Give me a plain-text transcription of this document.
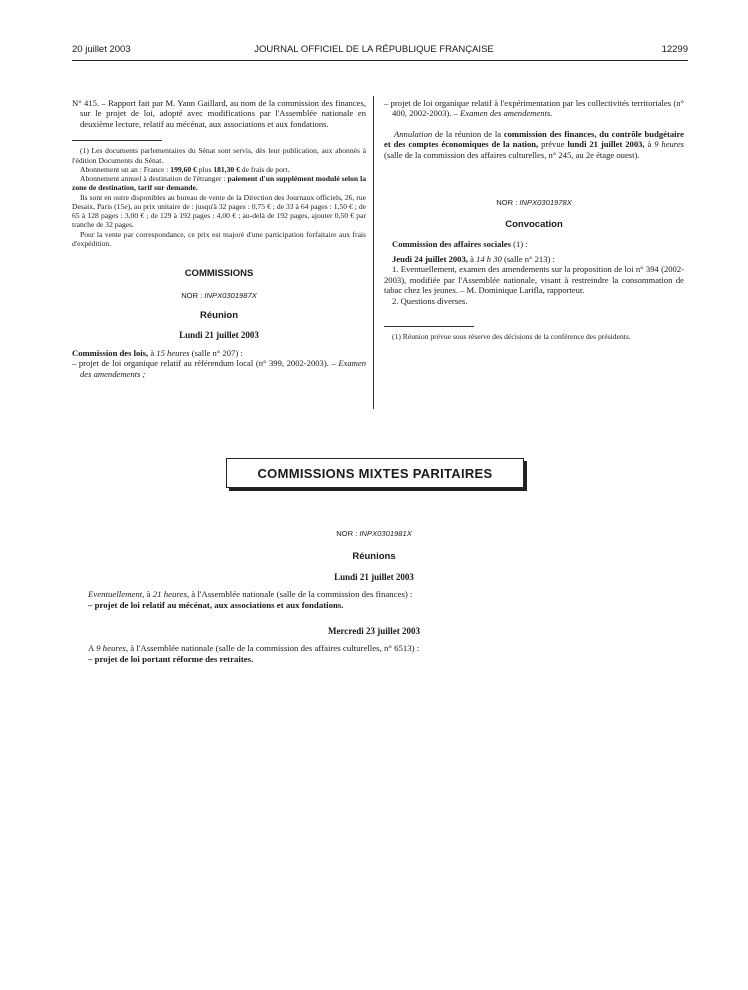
20 juillet 2003	JOURNAL OFFICIEL DE LA RÉPUBLIQUE FRANÇAISE	12299

N° 415. – Rapport fait par M. Yann Gaillard, au nom de la commission des finances, sur le projet de loi, adopté avec modifications par l'Assemblée nationale en deuxième lecture, relatif au mécénat, aux associations et aux fondations.

(1) Les documents parlementaires du Sénat sont servis, dès leur publication, aux abonnés à l'édition Documents du Sénat.

Abonnement un an : France : 199,60 € plus 181,30 € de frais de port.

Abonnement annuel à destination de l'étranger : paiement d'un supplément modulé selon la zone de destination, tarif sur demande.

Ils sont en outre disponibles au bureau de vente de la Direction des Journaux officiels, 26, rue Desaix, Paris (15e), au prix unitaire de : jusqu'à 32 pages : 0,75 € ; de 33 à 64 pages : 1,50 € ; de 65 à 128 pages : 3,00 € ; de 129 à 192 pages : 4,00 € ; au-delà de 192 pages, ajouter 0,50 € par tranche de 32 pages.

Pour la vente par correspondance, ce prix est majoré d'une participation forfaitaire aux frais d'expédition.

COMMISSIONS
NOR : INPX0301987X
Réunion
Lundi 21 juillet 2003

Commission des lois, à 15 heures (salle n° 207) :

– projet de loi organique relatif au référendum local (n° 399, 2002-2003). – Examen des amendements ;

– projet de loi organique relatif à l'expérimentation par les collectivités territoriales (n° 400, 2002-2003). – Examen des amendements.

Annulation de la réunion de la commission des finances, du contrôle budgétaire et des comptes économiques de la nation, prévue lundi 21 juillet 2003, à 9 heures (salle de la commission des affaires culturelles, n° 245, au 2e étage ouest).

NOR : INPX0301978X
Convocation

Commission des affaires sociales (1) :

Jeudi 24 juillet 2003, à 14 h 30 (salle n° 213) :

1. Eventuellement, examen des amendements sur la proposition de loi n° 394 (2002-2003), modifiée par l'Assemblée nationale, visant à restreindre la consommation de tabac chez les jeunes. – M. Dominique Larifla, rapporteur.

2. Questions diverses.

(1) Réunion prévue sous réserve des décisions de la conférence des présidents.

COMMISSIONS MIXTES PARITAIRES
NOR : INPX0301981X
Réunions
Lundi 21 juillet 2003

Eventuellement, à 21 heures, à l'Assemblée nationale (salle de la commission des finances) :

– projet de loi relatif au mécénat, aux associations et aux fondations.

Mercredi 23 juillet 2003

A 9 heures, à l'Assemblée nationale (salle de la commission des affaires culturelles, n° 6513) :

– projet de loi portant réforme des retraites.
